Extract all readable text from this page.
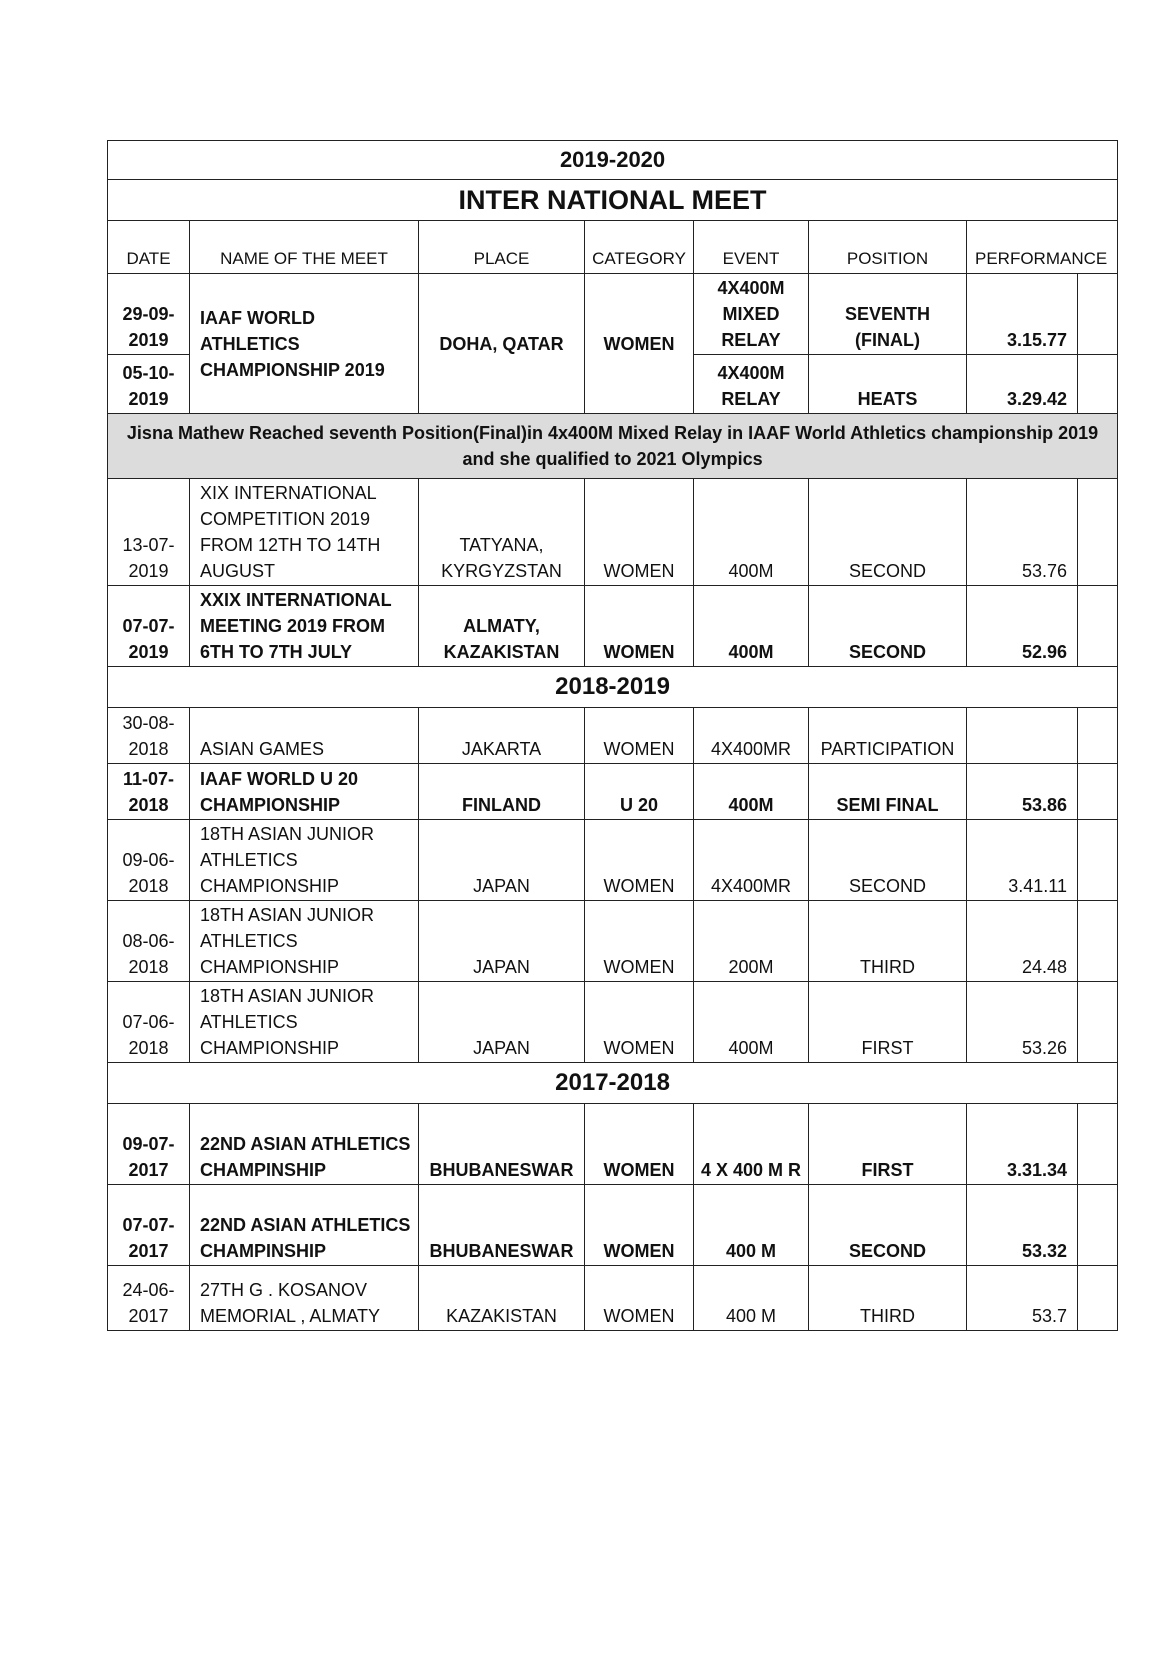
2019-2020							
INTER NATIONAL MEET							
DATE	NAME OF THE MEET	PLACE	CATEGORY	EVENT	POSITION	PERFORMANCE	
29-09-2019	IAAF WORLD ATHLETICS CHAMPIONSHIP 2019	DOHA, QATAR	WOMEN	4X400M MIXED RELAY	SEVENTH (FINAL)	3.15.77	
05-10-2019				4X400M RELAY	HEATS	3.29.42	
Jisna Mathew Reached seventh Position(Final)in 4x400M Mixed Relay in IAAF World Athletics championship 2019 and she qualified to 2021 Olympics							
13-07-2019	XIX INTERNATIONAL COMPETITION 2019 FROM 12TH TO 14TH AUGUST	TATYANA, KYRGYZSTAN	WOMEN	400M	SECOND	53.76	
07-07-2019	XXIX INTERNATIONAL MEETING 2019 FROM 6TH TO 7TH JULY	ALMATY, KAZAKISTAN	WOMEN	400M	SECOND	52.96	
2018-2019							
30-08-2018	ASIAN GAMES	JAKARTA	WOMEN	4X400MR	PARTICIPATION		
11-07-2018	IAAF WORLD U 20 CHAMPIONSHIP	FINLAND	U 20	400M	SEMI FINAL	53.86	
09-06-2018	18TH ASIAN JUNIOR ATHLETICS CHAMPIONSHIP	JAPAN	WOMEN	4X400MR	SECOND	3.41.11	
08-06-2018	18TH ASIAN JUNIOR ATHLETICS CHAMPIONSHIP	JAPAN	WOMEN	200M	THIRD	24.48	
07-06-2018	18TH ASIAN JUNIOR ATHLETICS CHAMPIONSHIP	JAPAN	WOMEN	400M	FIRST	53.26	
2017-2018							
09-07-2017	22ND ASIAN ATHLETICS CHAMPINSHIP	BHUBANESWAR	WOMEN	4 X 400 M R	FIRST	3.31.34	
07-07-2017	22ND ASIAN ATHLETICS CHAMPINSHIP	BHUBANESWAR	WOMEN	400 M	SECOND	53.32	
24-06-2017	27TH G . KOSANOV MEMORIAL , ALMATY	KAZAKISTAN	WOMEN	400 M	THIRD	53.7	
